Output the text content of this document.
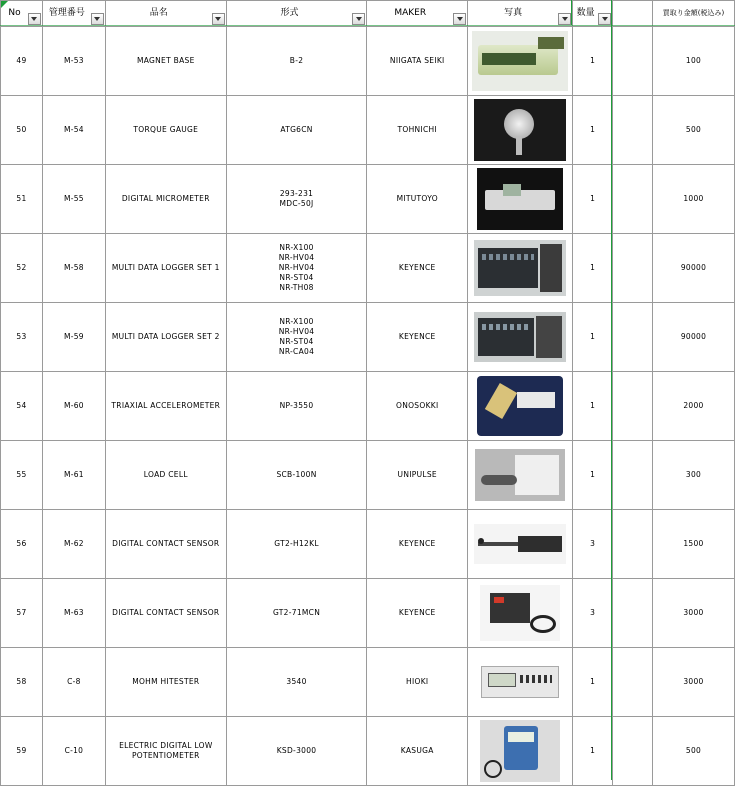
No	管理番号	品名	形式	MAKER	写真	数量		買取り金額(税込み)

49	M-53	MAGNET BASE	B-2	NIIGATA SEIKI		1		100
50	M-54	TORQUE GAUGE	ATG6CN	TOHNICHI		1		500
51	M-55	DIGITAL MICROMETER	293-231
MDC-50J	MITUTOYO		1		1000
52	M-58	MULTI DATA LOGGER SET 1	NR-X100
NR-HV04
NR-HV04
NR-ST04
NR-TH08	KEYENCE		1		90000
53	M-59	MULTI DATA LOGGER SET 2	NR-X100
NR-HV04
NR-ST04
NR-CA04	KEYENCE		1		90000
54	M-60	TRIAXIAL ACCELEROMETER	NP-3550	ONOSOKKI		1		2000
55	M-61	LOAD CELL	SCB-100N	UNIPULSE		1		300
56	M-62	DIGITAL CONTACT SENSOR	GT2-H12KL	KEYENCE		3		1500
57	M-63	DIGITAL CONTACT SENSOR	GT2-71MCN	KEYENCE		3		3000
58	C-8	MOHM HITESTER	3540	HIOKI		1		3000
59	C-10	ELECTRIC DIGITAL LOW
POTENTIOMETER	KSD-3000	KASUGA		1		500
